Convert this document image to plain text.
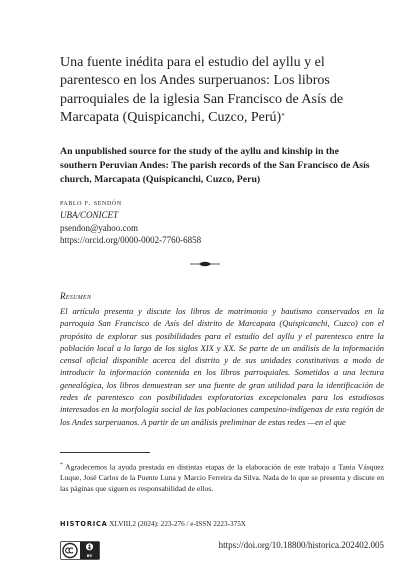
Una fuente inédita para el estudio del ayllu y el parentesco en los Andes surperuanos: Los libros parroquiales de la iglesia San Francisco de Asís de Marcapata (Quispicanchi, Cuzco, Perú)*
An unpublished source for the study of the ayllu and kinship in the southern Peruvian Andes: The parish records of the San Francisco de Asís church, Marcapata (Quispicanchi, Cuzco, Peru)
pablo f. sendón
UBA/CONICET
psendon@yahoo.com
https://orcid.org/0000-0002-7760-6858
Resumen

El artículo presenta y discute los libros de matrimonio y bautismo conservados en la parroquia San Francisco de Asís del distrito de Marcapata (Quispicanchi, Cuzco) con el propósito de explorar sus posibilidades para el estudio del ayllu y el parentesco entre la población local a lo largo de los siglos XIX y XX. Se parte de un análisis de la información censal oficial disponible acerca del distrito y de sus unidades constitutivas a modo de introducir la información contenida en los libros parroquiales. Sometidos a una lectura genealógica, los libros demuestran ser una fuente de gran utilidad para la identificación de redes de parentesco con posibilidades exploratorias excepcionales para los estudiosos interesados en la morfología social de las poblaciones campesino-indígenas de esta región de los Andes surperuanos. A partir de un análisis preliminar de estas redes —en el que

* Agradecemos la ayuda prestada en distintas etapas de la elaboración de este trabajo a Tania Vásquez Luque, José Carlos de la Puente Luna y Marcio Ferreira da Silva. Nada de lo que se presenta y discute en las páginas que siguen es responsabilidad de ellos.

HISTORICA XLVIII.2 (2024): 223-276 / e-ISSN 2223-375X
BY
https://doi.org/10.18800/historica.202402.005
